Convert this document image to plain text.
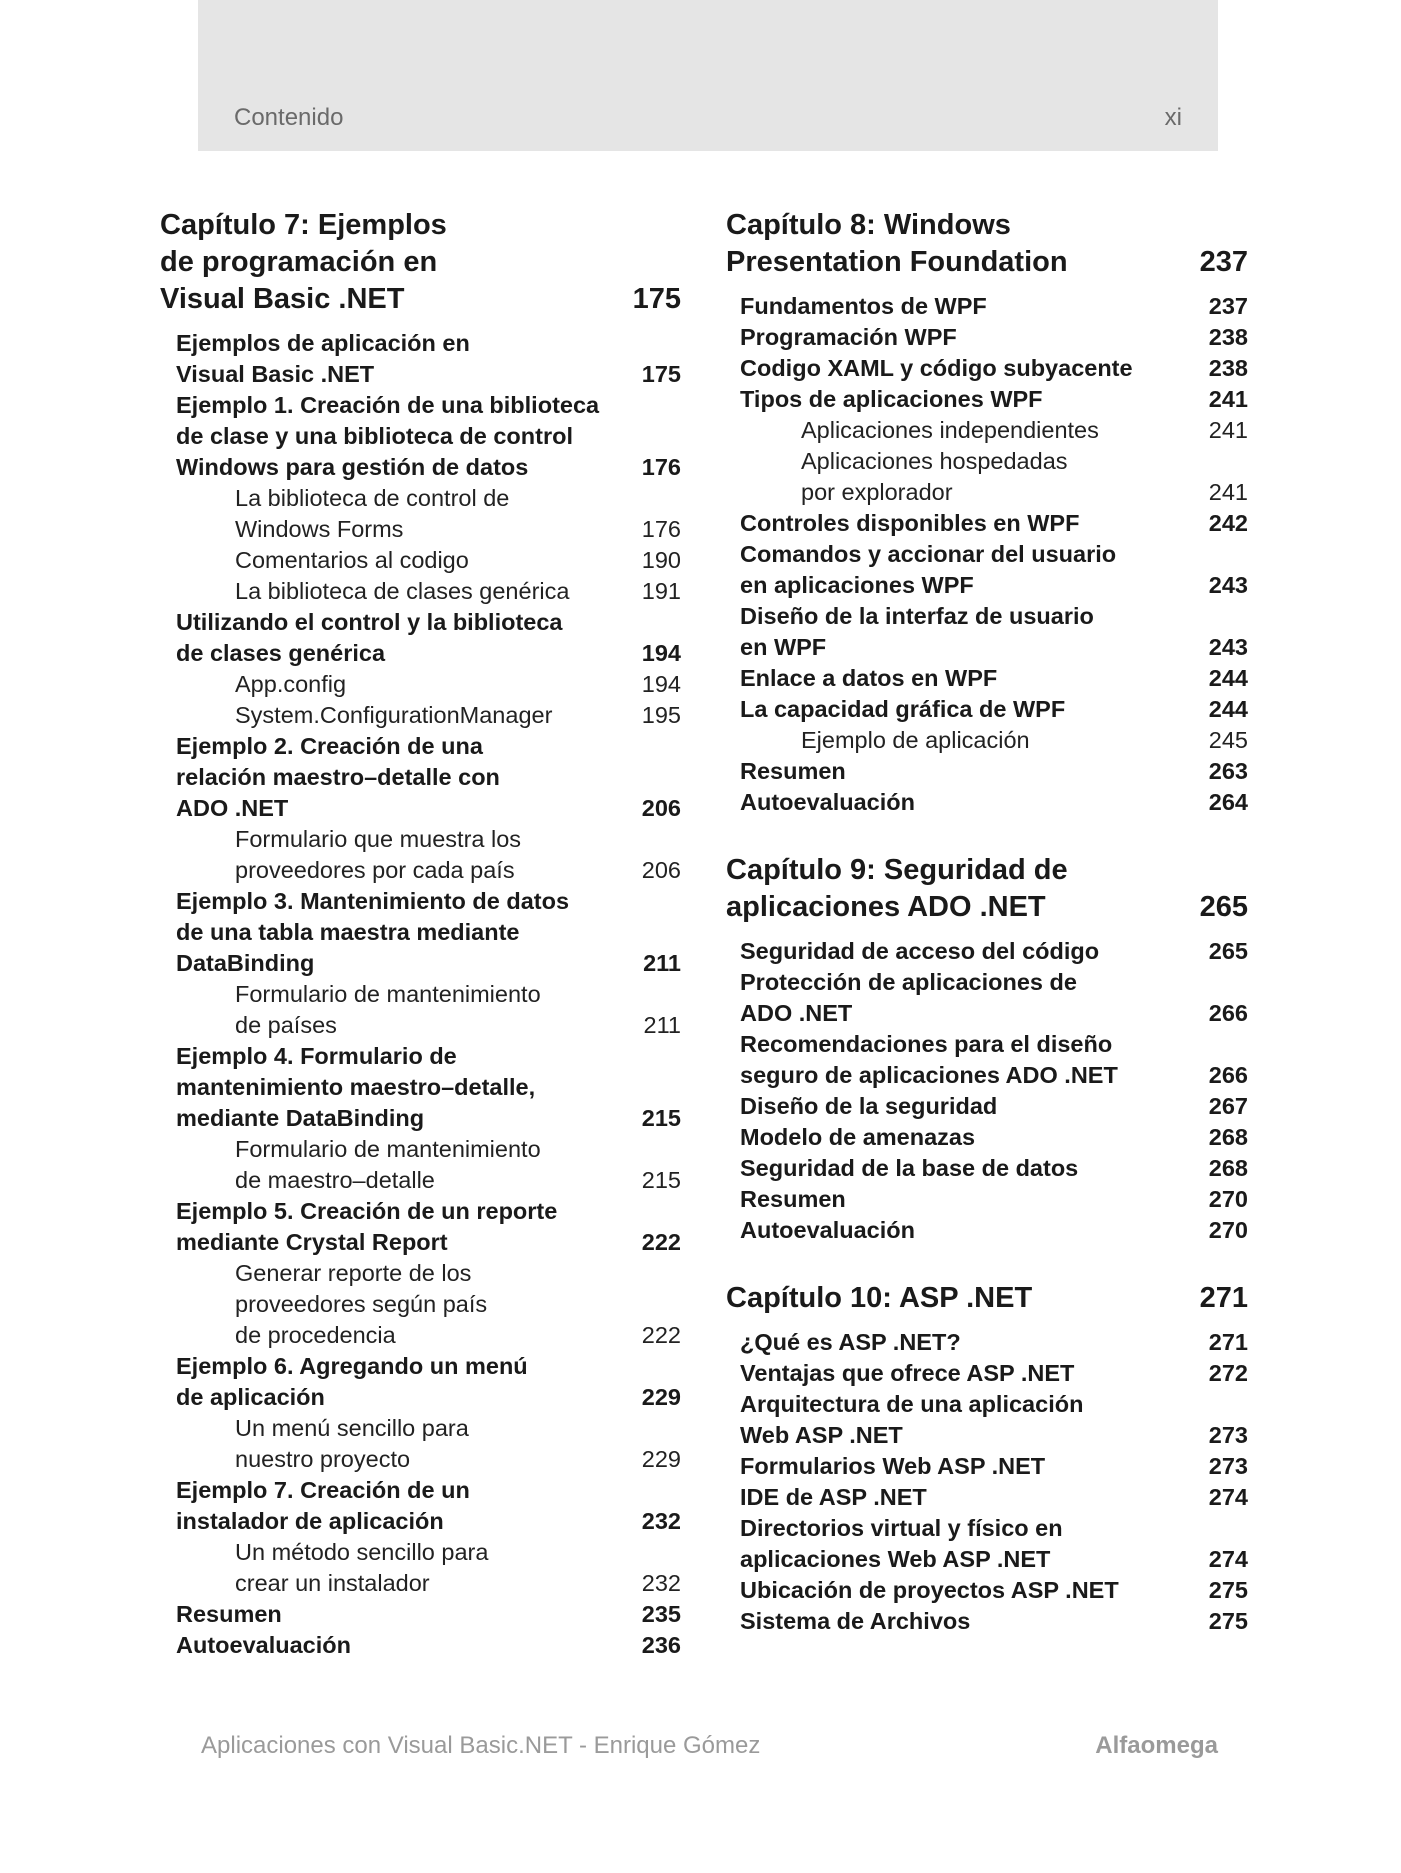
Contenido	xi
Capítulo 7: Ejemplos
de programación en
Visual Basic .NET	175
Ejemplos de aplicación en
Visual Basic .NET	175
Ejemplo 1. Creación de una biblioteca
de clase y una biblioteca de control
Windows para gestión de datos	176
La biblioteca de control de
Windows Forms	176
Comentarios al codigo	190
La biblioteca de clases genérica	191
Utilizando el control y la biblioteca
de clases genérica	194
App.config	194
System.ConfigurationManager	195
Ejemplo 2. Creación de una
relación maestro–detalle con
ADO .NET	206
Formulario que muestra los
proveedores por cada país	206
Ejemplo 3. Mantenimiento de datos
de una tabla maestra mediante
DataBinding	211
Formulario de mantenimiento
de países	211
Ejemplo 4. Formulario de
mantenimiento maestro–detalle,
mediante DataBinding	215
Formulario de mantenimiento
de maestro–detalle	215
Ejemplo 5. Creación de un reporte
mediante Crystal Report	222
Generar reporte de los
proveedores según país
de procedencia	222
Ejemplo 6. Agregando un menú
de aplicación	229
Un menú sencillo para
nuestro proyecto	229
Ejemplo 7. Creación de un
instalador de aplicación	232
Un método sencillo para
crear un instalador	232
Resumen	235
Autoevaluación	236
Capítulo 8: Windows
Presentation Foundation	237
Fundamentos de WPF	237
Programación WPF	238
Codigo XAML y código subyacente	238
Tipos de aplicaciones WPF	241
Aplicaciones independientes	241
Aplicaciones hospedadas
por explorador	241
Controles disponibles en WPF	242
Comandos y accionar del usuario
en aplicaciones WPF	243
Diseño de la interfaz de usuario
en WPF	243
Enlace a datos en WPF	244
La capacidad gráfica de WPF	244
Ejemplo de aplicación	245
Resumen	263
Autoevaluación	264
Capítulo 9: Seguridad de
aplicaciones ADO .NET	265
Seguridad de acceso del código	265
Protección de aplicaciones de
ADO .NET	266
Recomendaciones para el diseño
seguro de aplicaciones ADO .NET	266
Diseño de la seguridad	267
Modelo de amenazas	268
Seguridad de la base de datos	268
Resumen	270
Autoevaluación	270
Capítulo 10: ASP .NET	271
¿Qué es ASP .NET?	271
Ventajas que ofrece ASP .NET	272
Arquitectura de una aplicación
Web ASP .NET	273
Formularios Web ASP .NET	273
IDE de ASP .NET	274
Directorios virtual y físico en
aplicaciones Web ASP .NET	274
Ubicación de proyectos ASP .NET	275
Sistema de Archivos	275
Aplicaciones con Visual Basic.NET - Enrique Gómez	Alfaomega
